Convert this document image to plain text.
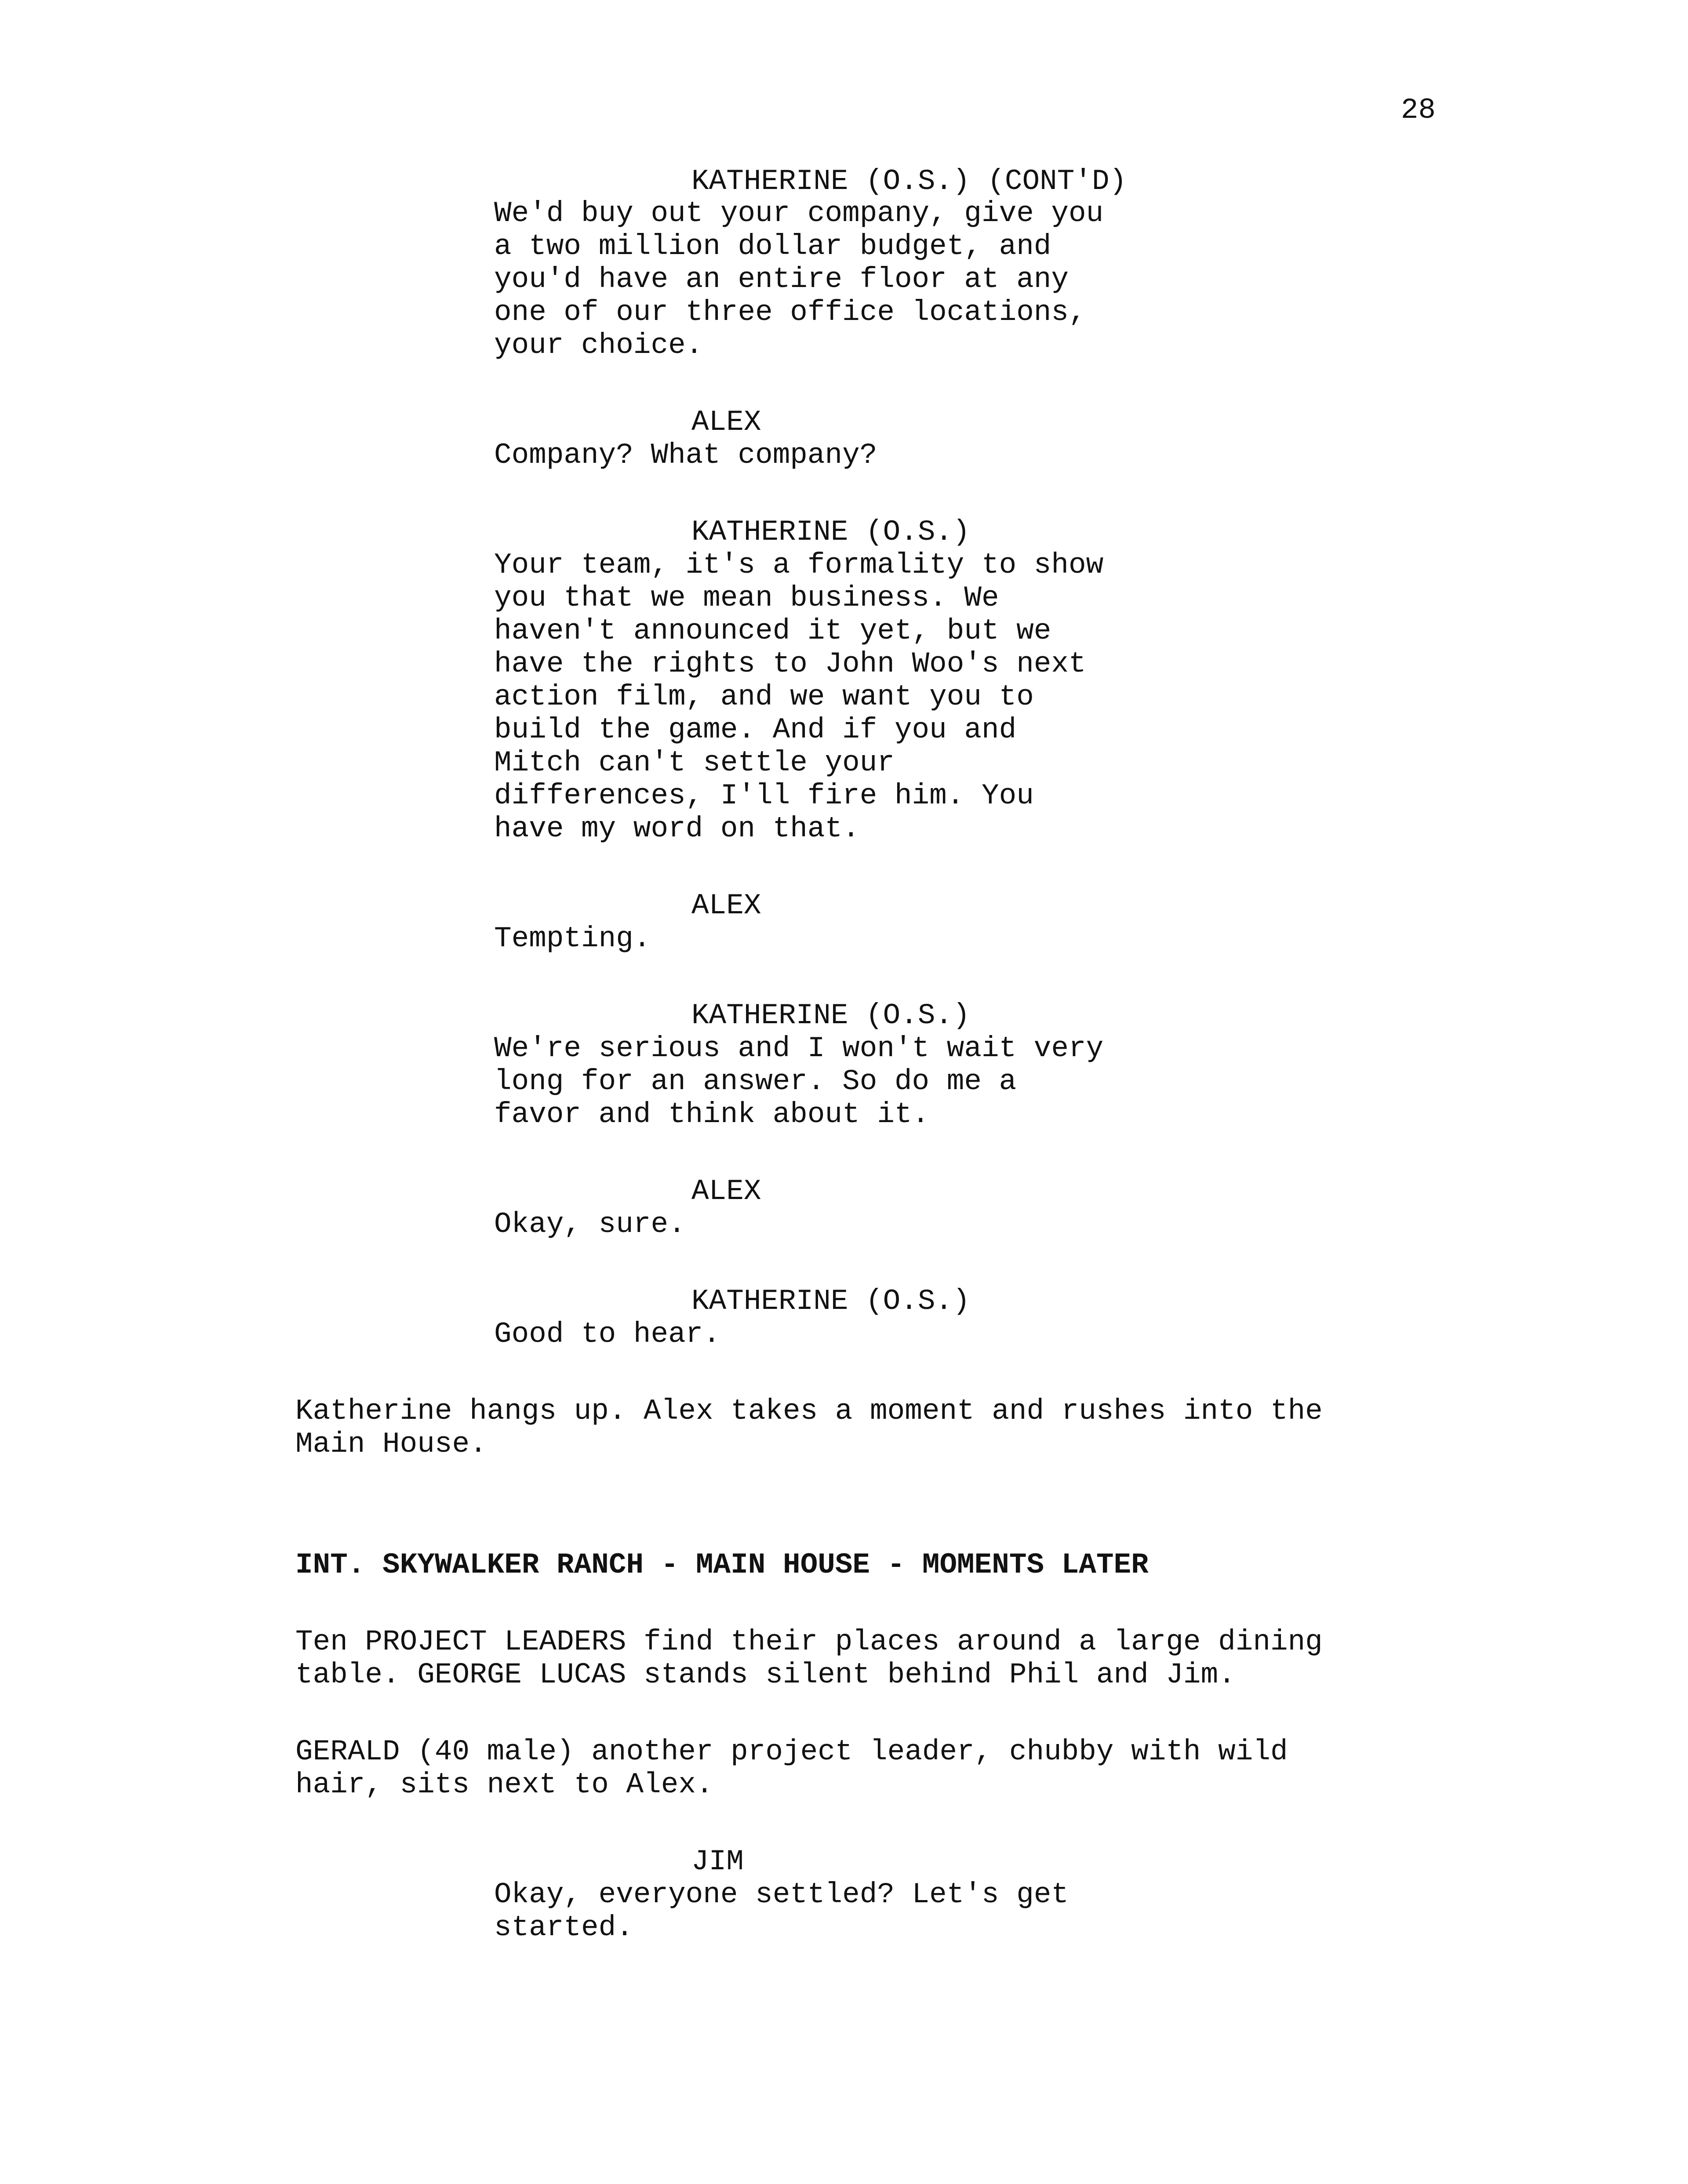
28
KATHERINE (O.S.) (CONT'D)
We'd buy out your company, give you
a two million dollar budget, and
you'd have an entire floor at any
one of our three office locations,
your choice.
ALEX
Company? What company?
KATHERINE (O.S.)
Your team, it's a formality to show
you that we mean business. We
haven't announced it yet, but we
have the rights to John Woo's next
action film, and we want you to
build the game. And if you and
Mitch can't settle your
differences, I'll fire him. You
have my word on that.
ALEX
Tempting.
KATHERINE (O.S.)
We're serious and I won't wait very
long for an answer. So do me a
favor and think about it.
ALEX
Okay, sure.
KATHERINE (O.S.)
Good to hear.
Katherine hangs up. Alex takes a moment and rushes into the
Main House.
INT. SKYWALKER RANCH - MAIN HOUSE - MOMENTS LATER
Ten PROJECT LEADERS find their places around a large dining
table. GEORGE LUCAS stands silent behind Phil and Jim.
GERALD (40 male) another project leader, chubby with wild
hair, sits next to Alex.
JIM
Okay, everyone settled? Let's get
started.
